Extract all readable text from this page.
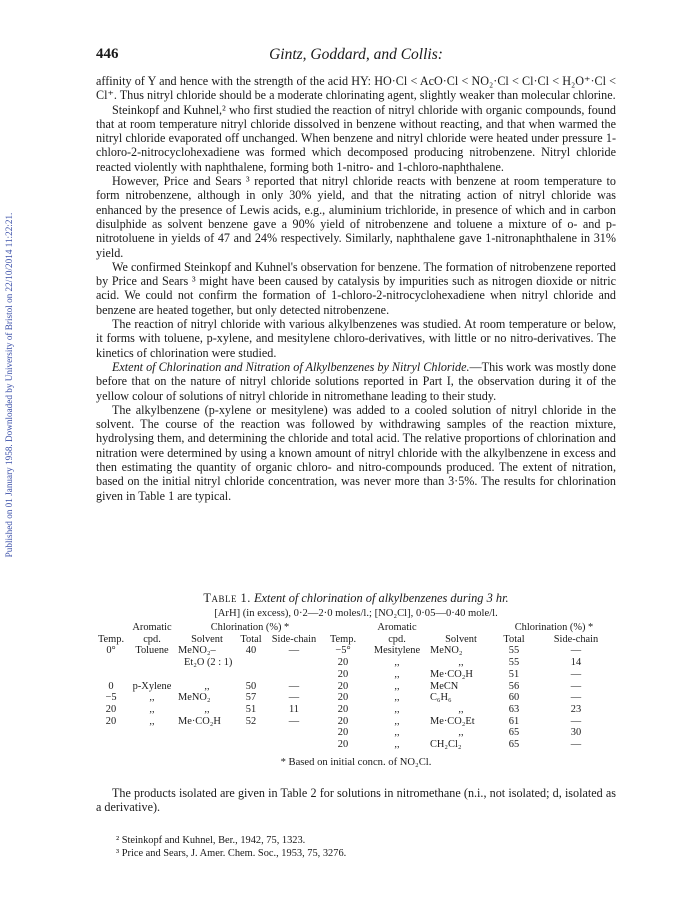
Published on 01 January 1958. Downloaded by University of Bristol on 22/10/2014 11:22:21.
446	Gintz, Goddard, and Collis:

affinity of Y and hence with the strength of the acid HY: HO·Cl < AcO·Cl < NO₂·Cl < Cl·Cl < H₂O⁺·Cl < Cl⁺. Thus nitryl chloride should be a moderate chlorinating agent, slightly weaker than molecular chlorine.

Steinkopf and Kuhnel,² who first studied the reaction of nitryl chloride with organic compounds, found that at room temperature nitryl chloride dissolved in benzene without reacting, and that when warmed the nitryl chloride evaporated off unchanged. When benzene and nitryl chloride were heated under pressure 1-chloro-2-nitrocyclohexadiene was formed which decomposed producing nitrobenzene. Nitryl chloride reacted violently with naphthalene, forming both 1-nitro- and 1-chloro-naphthalene.

However, Price and Sears ³ reported that nitryl chloride reacts with benzene at room temperature to form nitrobenzene, although in only 30% yield, and that the nitrating action of nitryl chloride was enhanced by the presence of Lewis acids, e.g., aluminium trichloride, in presence of which and in carbon disulphide as solvent benzene gave a 90% yield of nitrobenzene and toluene a mixture of o- and p-nitrotoluene in yields of 47 and 24% respectively. Similarly, naphthalene gave 1-nitronaphthalene in 31% yield.

We confirmed Steinkopf and Kuhnel's observation for benzene. The formation of nitrobenzene reported by Price and Sears ³ might have been caused by catalysis by impurities such as nitrogen dioxide or nitric acid. We could not confirm the formation of 1-chloro-2-nitrocyclohexadiene when nitryl chloride and benzene are heated together, but only detected nitrobenzene.

The reaction of nitryl chloride with various alkylbenzenes was studied. At room temperature or below, it forms with toluene, p-xylene, and mesitylene chloro-derivatives, with little or no nitro-derivatives. The kinetics of chlorination were studied.

Extent of Chlorination and Nitration of Alkylbenzenes by Nitryl Chloride.—This work was mostly done before that on the nature of nitryl chloride solutions reported in Part I, the observation during it of the yellow colour of solutions of nitryl chloride in nitromethane leading to their study.

The alkylbenzene (p-xylene or mesitylene) was added to a cooled solution of nitryl chloride in the solvent. The course of the reaction was followed by withdrawing samples of the reaction mixture, hydrolysing them, and determining the chloride and total acid. The relative proportions of chlorination and nitration were determined by using a known amount of nitryl chloride with the alkylbenzene in excess and then estimating the quantity of organic chloro- and nitro-compounds produced. The extent of nitration, based on the initial nitryl chloride concentration, was never more than 3·5%. The results for chlorination given in Table 1 are typical.

Table 1. Extent of chlorination of alkylbenzenes during 3 hr.
[ArH] (in excess), 0·2—2·0 moles/l.; [NO₂Cl], 0·05—0·40 mole/l.
	Aromatic	Chlorination (%) *				Aromatic		Chlorination (%) *	
Temp.	cpd.	Solvent	Total	Side-chain	Temp.	cpd.	Solvent	Total	Side-chain
0°	Toluene	MeNO₂–	40	—	−5°	Mesitylene	MeNO₂	55	—
		Et₂O (2 : 1)			20	,,	,,	55	14
					20	,,	Me·CO₂H	51	—
0	p-Xylene	,,	50	—	20	,,	MeCN	56	—
−5	,,	MeNO₂	57	—	20	,,	C₆H₆	60	—
20	,,	,,	51	11	20	,,	,,	63	23
20	,,	Me·CO₂H	52	—	20	,,	Me·CO₂Et	61	—
					20	,,	,,	65	30
					20	,,	CH₂Cl₂	65	—
* Based on initial concn. of NO₂Cl.

The products isolated are given in Table 2 for solutions in nitromethane (n.i., not isolated; d, isolated as a derivative).

² Steinkopf and Kuhnel, Ber., 1942, 75, 1323.
³ Price and Sears, J. Amer. Chem. Soc., 1953, 75, 3276.
